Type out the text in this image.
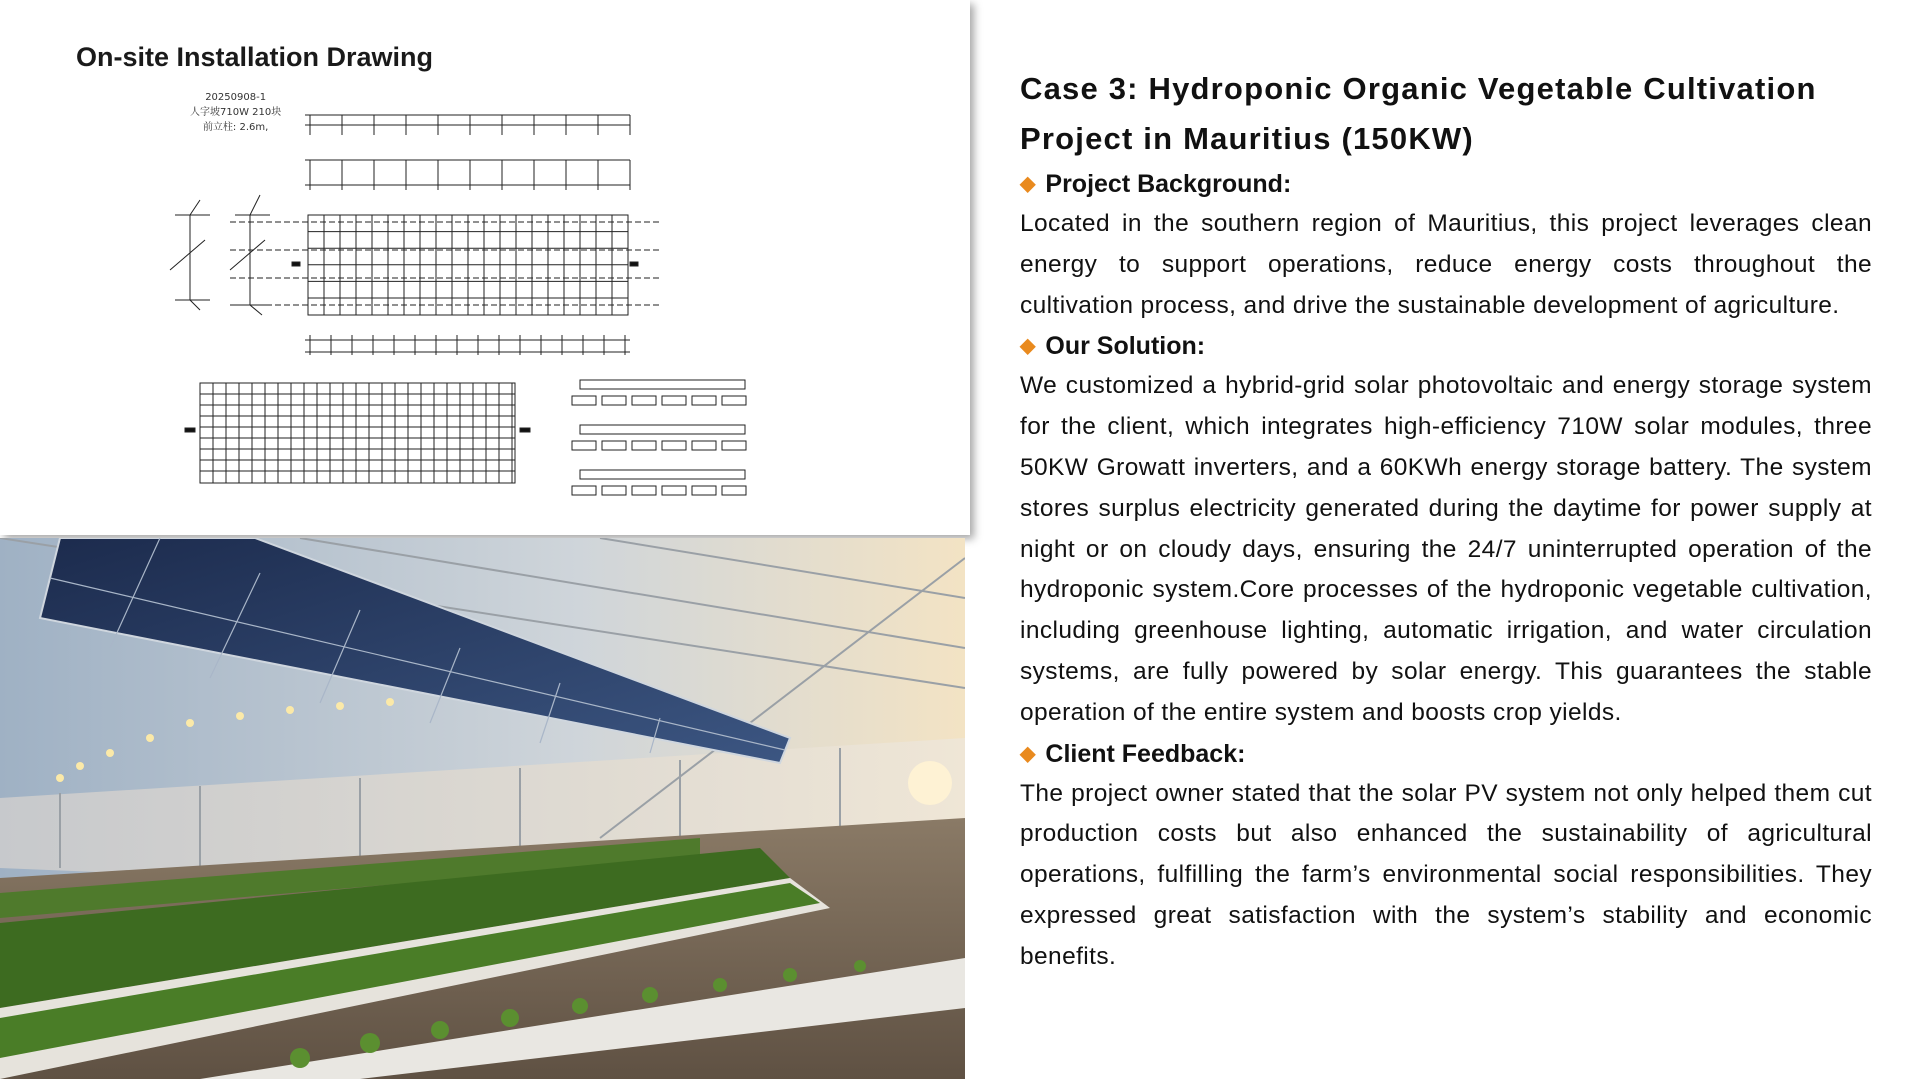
On-site Installation Drawing
20250908-1
人字坡710W 210块
前立柱: 2.6m,
Case 3: Hydroponic Organic Vegetable Cultivation
Project in Mauritius (150KW)

◆ Project Background:

Located in the southern region of Mauritius, this project leverages clean energy to support operations, reduce energy costs throughout the cultivation process, and drive the sustainable development of agriculture.

◆ Our Solution:

We customized a hybrid-grid solar photovoltaic and energy storage system for the client, which integrates high-efficiency 710W solar modules, three 50KW Growatt inverters, and a 60KWh energy storage battery. The system stores surplus electricity generated during the daytime for power supply at night or on cloudy days, ensuring the 24/7 uninterrupted operation of the hydroponic system.Core processes of the hydroponic vegetable cultivation, including greenhouse lighting, automatic irrigation, and water circulation systems, are fully powered by solar energy. This guarantees the stable operation of the entire system and boosts crop yields.

◆ Client Feedback:

The project owner stated that the solar PV system not only helped them cut production costs but also enhanced the sustainability of agricultural operations, fulfilling the farm’s environmental social responsibilities. They expressed great satisfaction with the system’s stability and economic benefits.
